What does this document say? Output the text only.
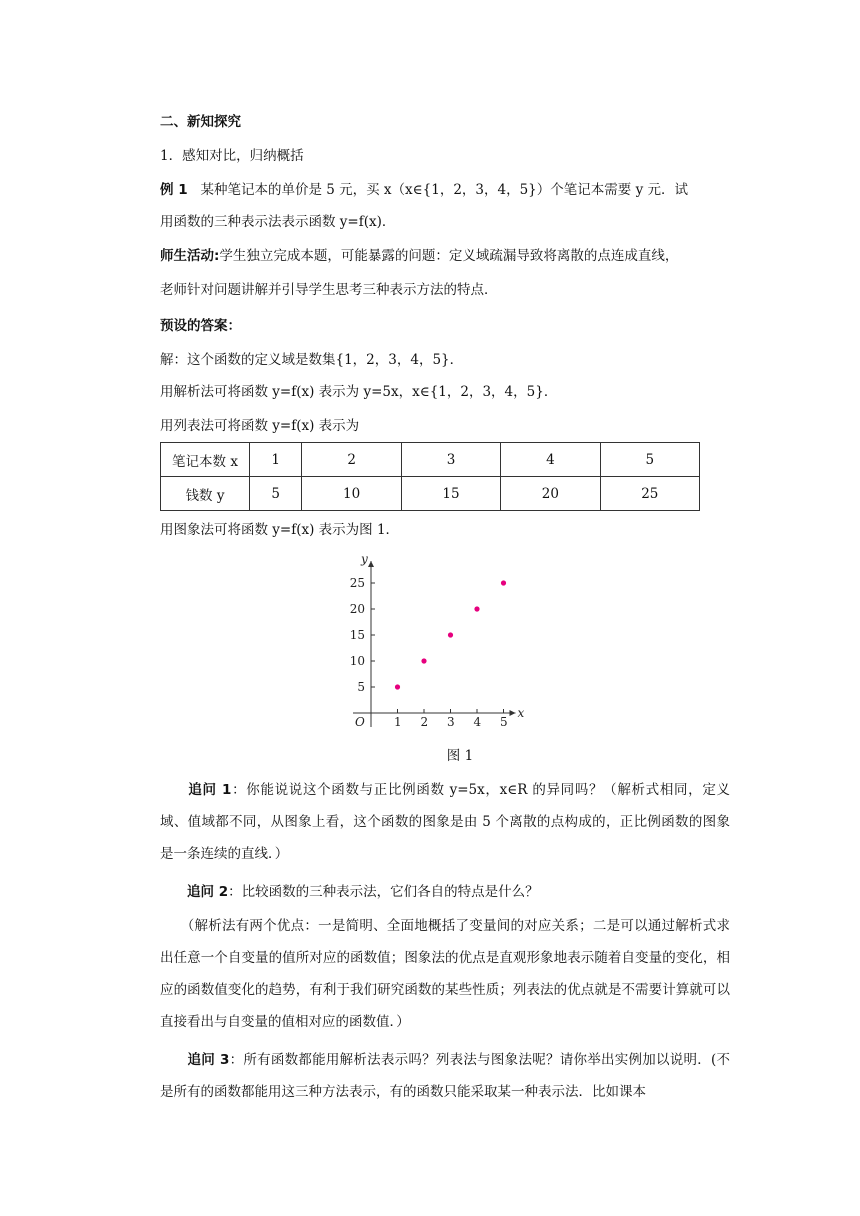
二、新知探究
1．感知对比，归纳概括
例 1 某种笔记本的单价是 5 元，买 x（x∈{1，2，3，4，5}）个笔记本需要 y 元．试
用函数的三种表示法表示函数 y=f(x)．
师生活动:学生独立完成本题，可能暴露的问题：定义域疏漏导致将离散的点连成直线，
老师针对问题讲解并引导学生思考三种表示方法的特点．
预设的答案：
解：这个函数的定义域是数集{1，2，3，4，5}．
用解析法可将函数 y=f(x) 表示为 y=5x，x∈{1，2，3，4，5}．
用列表法可将函数 y=f(x) 表示为
笔记本数 x	1	2	3	4	5
钱数 y	5	10	15	20	25
用图象法可将函数 y=f(x) 表示为图 1．
O
x
y
1 2 3 4 5
5
10
15
20
25
图 1
　　追问 1：你能说说这个函数与正比例函数 y=5x，x∈R 的异同吗？（解析式相同，定义域、值域都不同，从图象上看，这个函数的图象是由 5 个离散的点构成的，正比例函数的图象是一条连续的直线．）
　　追问 2：比较函数的三种表示法，它们各自的特点是什么？
　　（解析法有两个优点：一是简明、全面地概括了变量间的对应关系；二是可以通过解析式求出任意一个自变量的值所对应的函数值；图象法的优点是直观形象地表示随着自变量的变化，相应的函数值变化的趋势，有利于我们研究函数的某些性质；列表法的优点就是不需要计算就可以直接看出与自变量的值相对应的函数值．）
　　追问 3：所有函数都能用解析法表示吗？列表法与图象法呢？请你举出实例加以说明．(不是所有的函数都能用这三种方法表示，有的函数只能采取某一种表示法．比如课本
